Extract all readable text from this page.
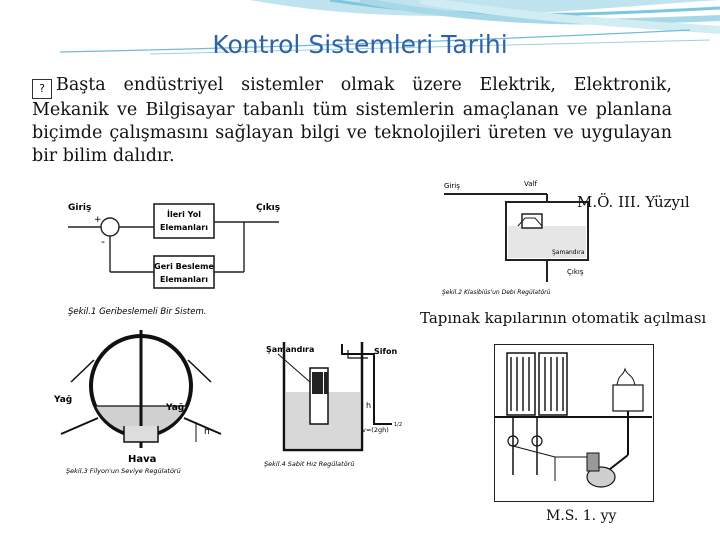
Kontrol Sistemleri Tarihi
? Başta endüstriyel sistemler olmak üzere Elektrik, Elektronik, Mekanik ve Bilgisayar tabanlı tüm sistemlerin amaçlanan ve planlana biçimde çalışmasını sağlayan bilgi ve teknolojileri üreten ve uygulayan bir bilim dalıdır.
Giriş
+
-
İleri Yol
Elemanları
Çıkış
Geri Besleme
Elemanları
Şekil.1 Geribeslemeli Bir Sistem.
Giriş	Valf
Şamandıra
Çıkış
Şekil.2 Klasibiüs'un Debi Regülatörü
M.Ö. III. Yüzyıl
Tapınak kapılarının otomatik açılması
Yağ
Yağ
h
Hava
Şekil.3 Filyon'un Seviye Regülatörü
Şamandıra	Sifon
h
v=(2gh)
1/2
Şekil.4 Sabit Hız Regülatörü
M.S. 1. yy
